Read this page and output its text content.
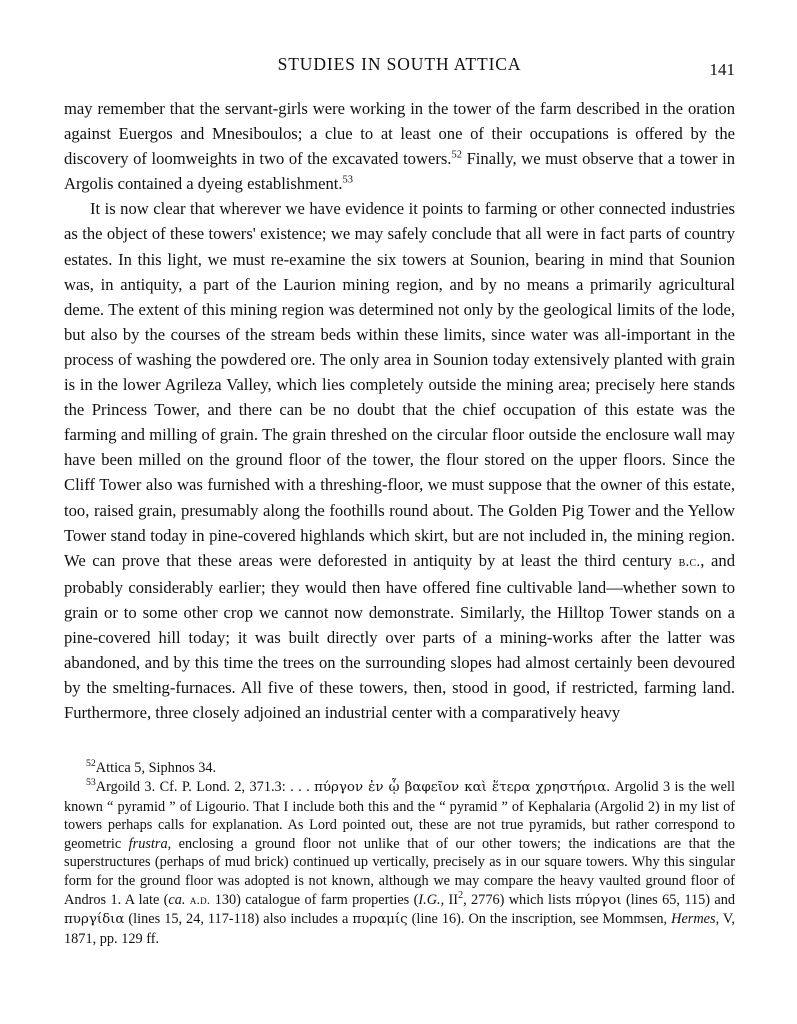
STUDIES IN SOUTH ATTICA	141

may remember that the servant-girls were working in the tower of the farm described in the oration against Euergos and Mnesiboulos; a clue to at least one of their occupations is offered by the discovery of loomweights in two of the excavated towers.$^{52}$ Finally, we must observe that a tower in Argolis contained a dyeing establishment.$^{53}$

It is now clear that wherever we have evidence it points to farming or other connected industries as the object of these towers' existence; we may safely conclude that all were in fact parts of country estates. In this light, we must re-examine the six towers at Sounion, bearing in mind that Sounion was, in antiquity, a part of the Laurion mining region, and by no means a primarily agricultural deme. The extent of this mining region was determined not only by the geological limits of the lode, but also by the courses of the stream beds within these limits, since water was all-important in the process of washing the powdered ore. The only area in Sounion today extensively planted with grain is in the lower Agrileza Valley, which lies completely outside the mining area; precisely here stands the Princess Tower, and there can be no doubt that the chief occupation of this estate was the farming and milling of grain. The grain threshed on the circular floor outside the enclosure wall may have been milled on the ground floor of the tower, the flour stored on the upper floors. Since the Cliff Tower also was furnished with a threshing-floor, we must suppose that the owner of this estate, too, raised grain, presumably along the foothills round about. The Golden Pig Tower and the Yellow Tower stand today in pine-covered highlands which skirt, but are not included in, the mining region. We can prove that these areas were deforested in antiquity by at least the third century b.c., and probably considerably earlier; they would then have offered fine cultivable land—whether sown to grain or to some other crop we cannot now demonstrate. Similarly, the Hilltop Tower stands on a pine-covered hill today; it was built directly over parts of a mining-works after the latter was abandoned, and by this time the trees on the surrounding slopes had almost certainly been devoured by the smelting-furnaces. All five of these towers, then, stood in good, if restricted, farming land. Furthermore, three closely adjoined an industrial center with a comparatively heavy

$^{52}$Attica 5, Siphnos 34.

$^{53}$Argoild 3. Cf. P. Lond. 2, 371.3: . . . πύργον ἐν ᾧ βαφεῖον καὶ ἕτερα χρηστήρια. Argolid 3 is the well known “ pyramid ” of Ligourio. That I include both this and the “ pyramid ” of Kephalaria (Argolid 2) in my list of towers perhaps calls for explanation. As Lord pointed out, these are not true pyramids, but rather correspond to geometric frustra, enclosing a ground floor not unlike that of our other towers; the indications are that the superstructures (perhaps of mud brick) continued up vertically, precisely as in our square towers. Why this singular form for the ground floor was adopted is not known, although we may compare the heavy vaulted ground floor of Andros 1. A late (ca. a.d. 130) catalogue of farm properties (I.G., $II^2$, 2776) which lists πύργοι (lines 65, 115) and πυργίδια (lines 15, 24, 117-118) also includes a πυραμίς (line 16). On the inscription, see Mommsen, Hermes, V, 1871, pp. 129 ff.
